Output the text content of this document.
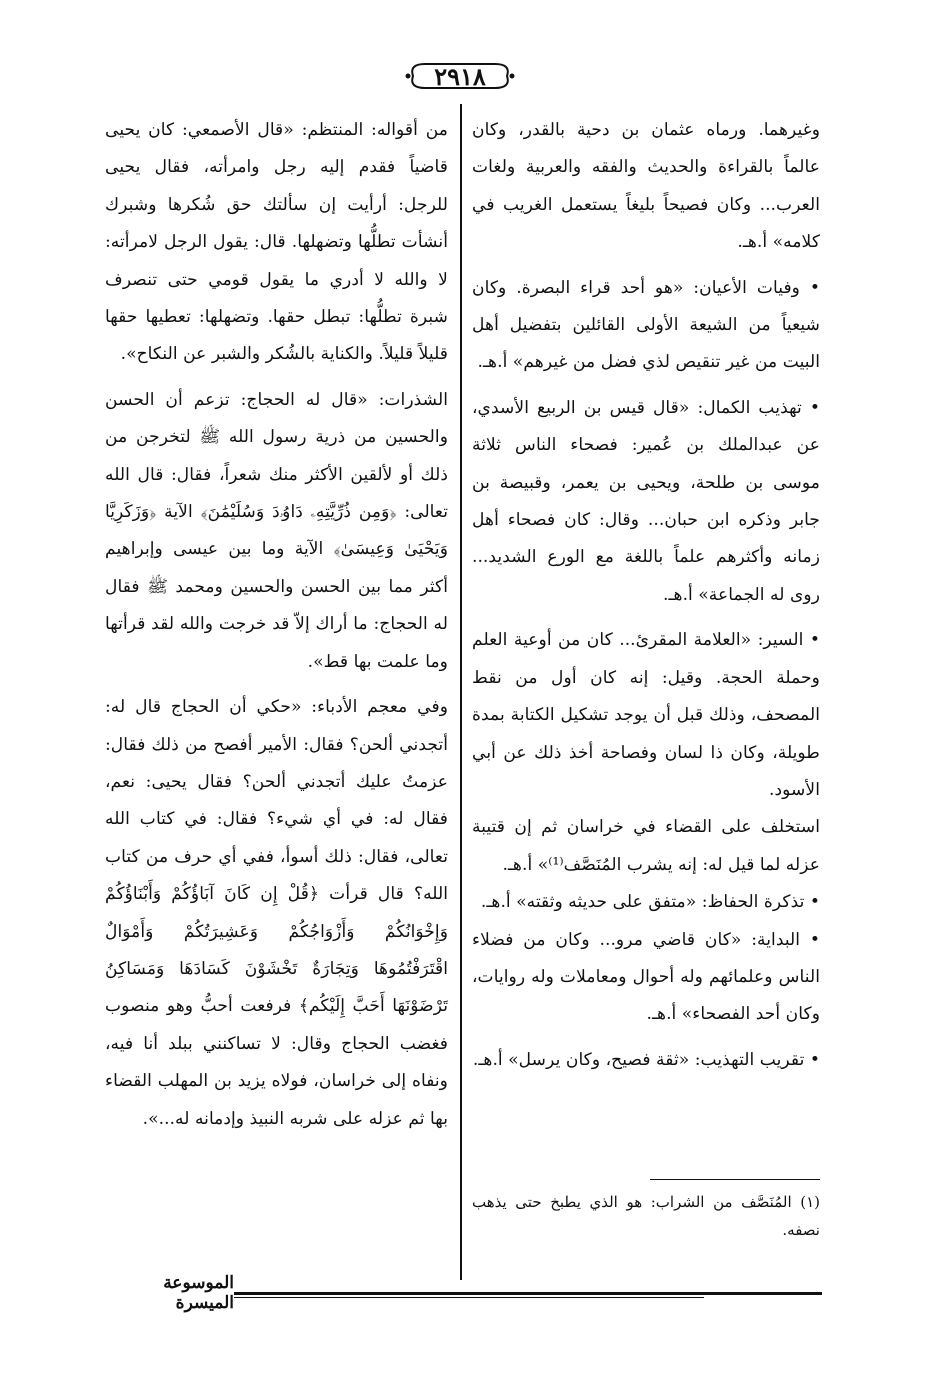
٢٩١٨

وغيرهما. ورماه عثمان بن دحية بالقدر، وكان عالماً بالقراءة والحديث والفقه والعربية ولغات العرب... وكان فصيحاً بليغاً يستعمل الغريب في كلامه» أ.هـ.

• وفيات الأعيان: «هو أحد قراء البصرة. وكان شيعياً من الشيعة الأولى القائلين بتفضيل أهل البيت من غير تنقيص لذي فضل من غيرهم» أ.هـ.

• تهذيب الكمال: «قال قيس بن الربيع الأسدي، عن عبدالملك بن عُمير: فصحاء الناس ثلاثة موسى بن طلحة، ويحيى بن يعمر، وقبيصة بن جابر وذكره ابن حبان... وقال: كان فصحاء أهل زمانه وأكثرهم علماً باللغة مع الورع الشديد... روى له الجماعة» أ.هـ.

• السير: «العلامة المقرئ... كان من أوعية العلم وحملة الحجة. وقيل: إنه كان أول من نقط المصحف، وذلك قبل أن يوجد تشكيل الكتابة بمدة طويلة، وكان ذا لسان وفصاحة أخذ ذلك عن أبي الأسود.

استخلف على القضاء في خراسان ثم إن قتيبة عزله لما قيل له: إنه يشرب المُنَصَّف⁽¹⁾» أ.هـ.

• تذكرة الحفاظ: «متفق على حديثه وثقته» أ.هـ.

• البداية: «كان قاضي مرو... وكان من فضلاء الناس وعلمائهم وله أحوال ومعاملات وله روايات، وكان أحد الفصحاء» أ.هـ.

• تقريب التهذيب: «ثقة فصيح، وكان يرسل» أ.هـ.

من أقواله: المنتظم: «قال الأصمعي: كان يحيى قاضياً فقدم إليه رجل وامرأته، فقال يحيى للرجل: أرأيت إن سألتك حق شُكرها وشبرك أنشأت تطلُّها وتضهلها. قال: يقول الرجل لامرأته: لا والله لا أدري ما يقول قومي حتى تنصرف شبرة تطلُّها: تبطل حقها. وتضهلها: تعطيها حقها قليلاً قليلاً. والكناية بالشُكر والشبر عن النكاح».

الشذرات: «قال له الحجاج: تزعم أن الحسن والحسين من ذرية رسول الله ﷺ لتخرجن من ذلك أو لألقين الأكثر منك شعراً، فقال: قال الله تعالى: ﴿وَمِن ذُرِّيَّتِهِۦ دَاوُۥدَ وَسُلَيْمَٰنَ﴾ الآية ﴿وَزَكَرِيَّا وَيَحْيَىٰ وَعِيسَىٰ﴾ الآية وما بين عيسى وإبراهيم أكثر مما بين الحسن والحسين ومحمد ﷺ فقال له الحجاج: ما أراك إلاّ قد خرجت والله لقد قرأتها وما علمت بها قط».

وفي معجم الأدباء: «حكي أن الحجاج قال له: أتجدني ألحن؟ فقال: الأمير أفصح من ذلك فقال: عزمتُ عليك أتجدني ألحن؟ فقال يحيى: نعم، فقال له: في أي شيء؟ فقال: في كتاب الله تعالى، فقال: ذلك أسوأ، ففي أي حرف من كتاب الله؟ قال قرأت ﴿قُلْ إِن كَانَ آبَاؤُكُمْ وَأَبْنَاؤُكُمْ وَإِخْوَانُكُمْ وَأَزْوَاجُكُمْ وَعَشِيرَتُكُمْ وَأَمْوَالٌ اقْتَرَفْتُمُوهَا وَتِجَارَةٌ تَخْشَوْنَ كَسَادَهَا وَمَسَاكِنُ تَرْضَوْنَهَا أَحَبَّ إِلَيْكُم﴾ فرفعت أحبُّ وهو منصوب فغضب الحجاج وقال: لا تساكنني ببلد أنا فيه، ونفاه إلى خراسان، فولاه يزيد بن المهلب القضاء بها ثم عزله على شربه النبيذ وإدمانه له...».

(١) المُنَصَّف من الشراب: هو الذي يطبخ حتى يذهب نصفه.
الموسوعة الميسرة
